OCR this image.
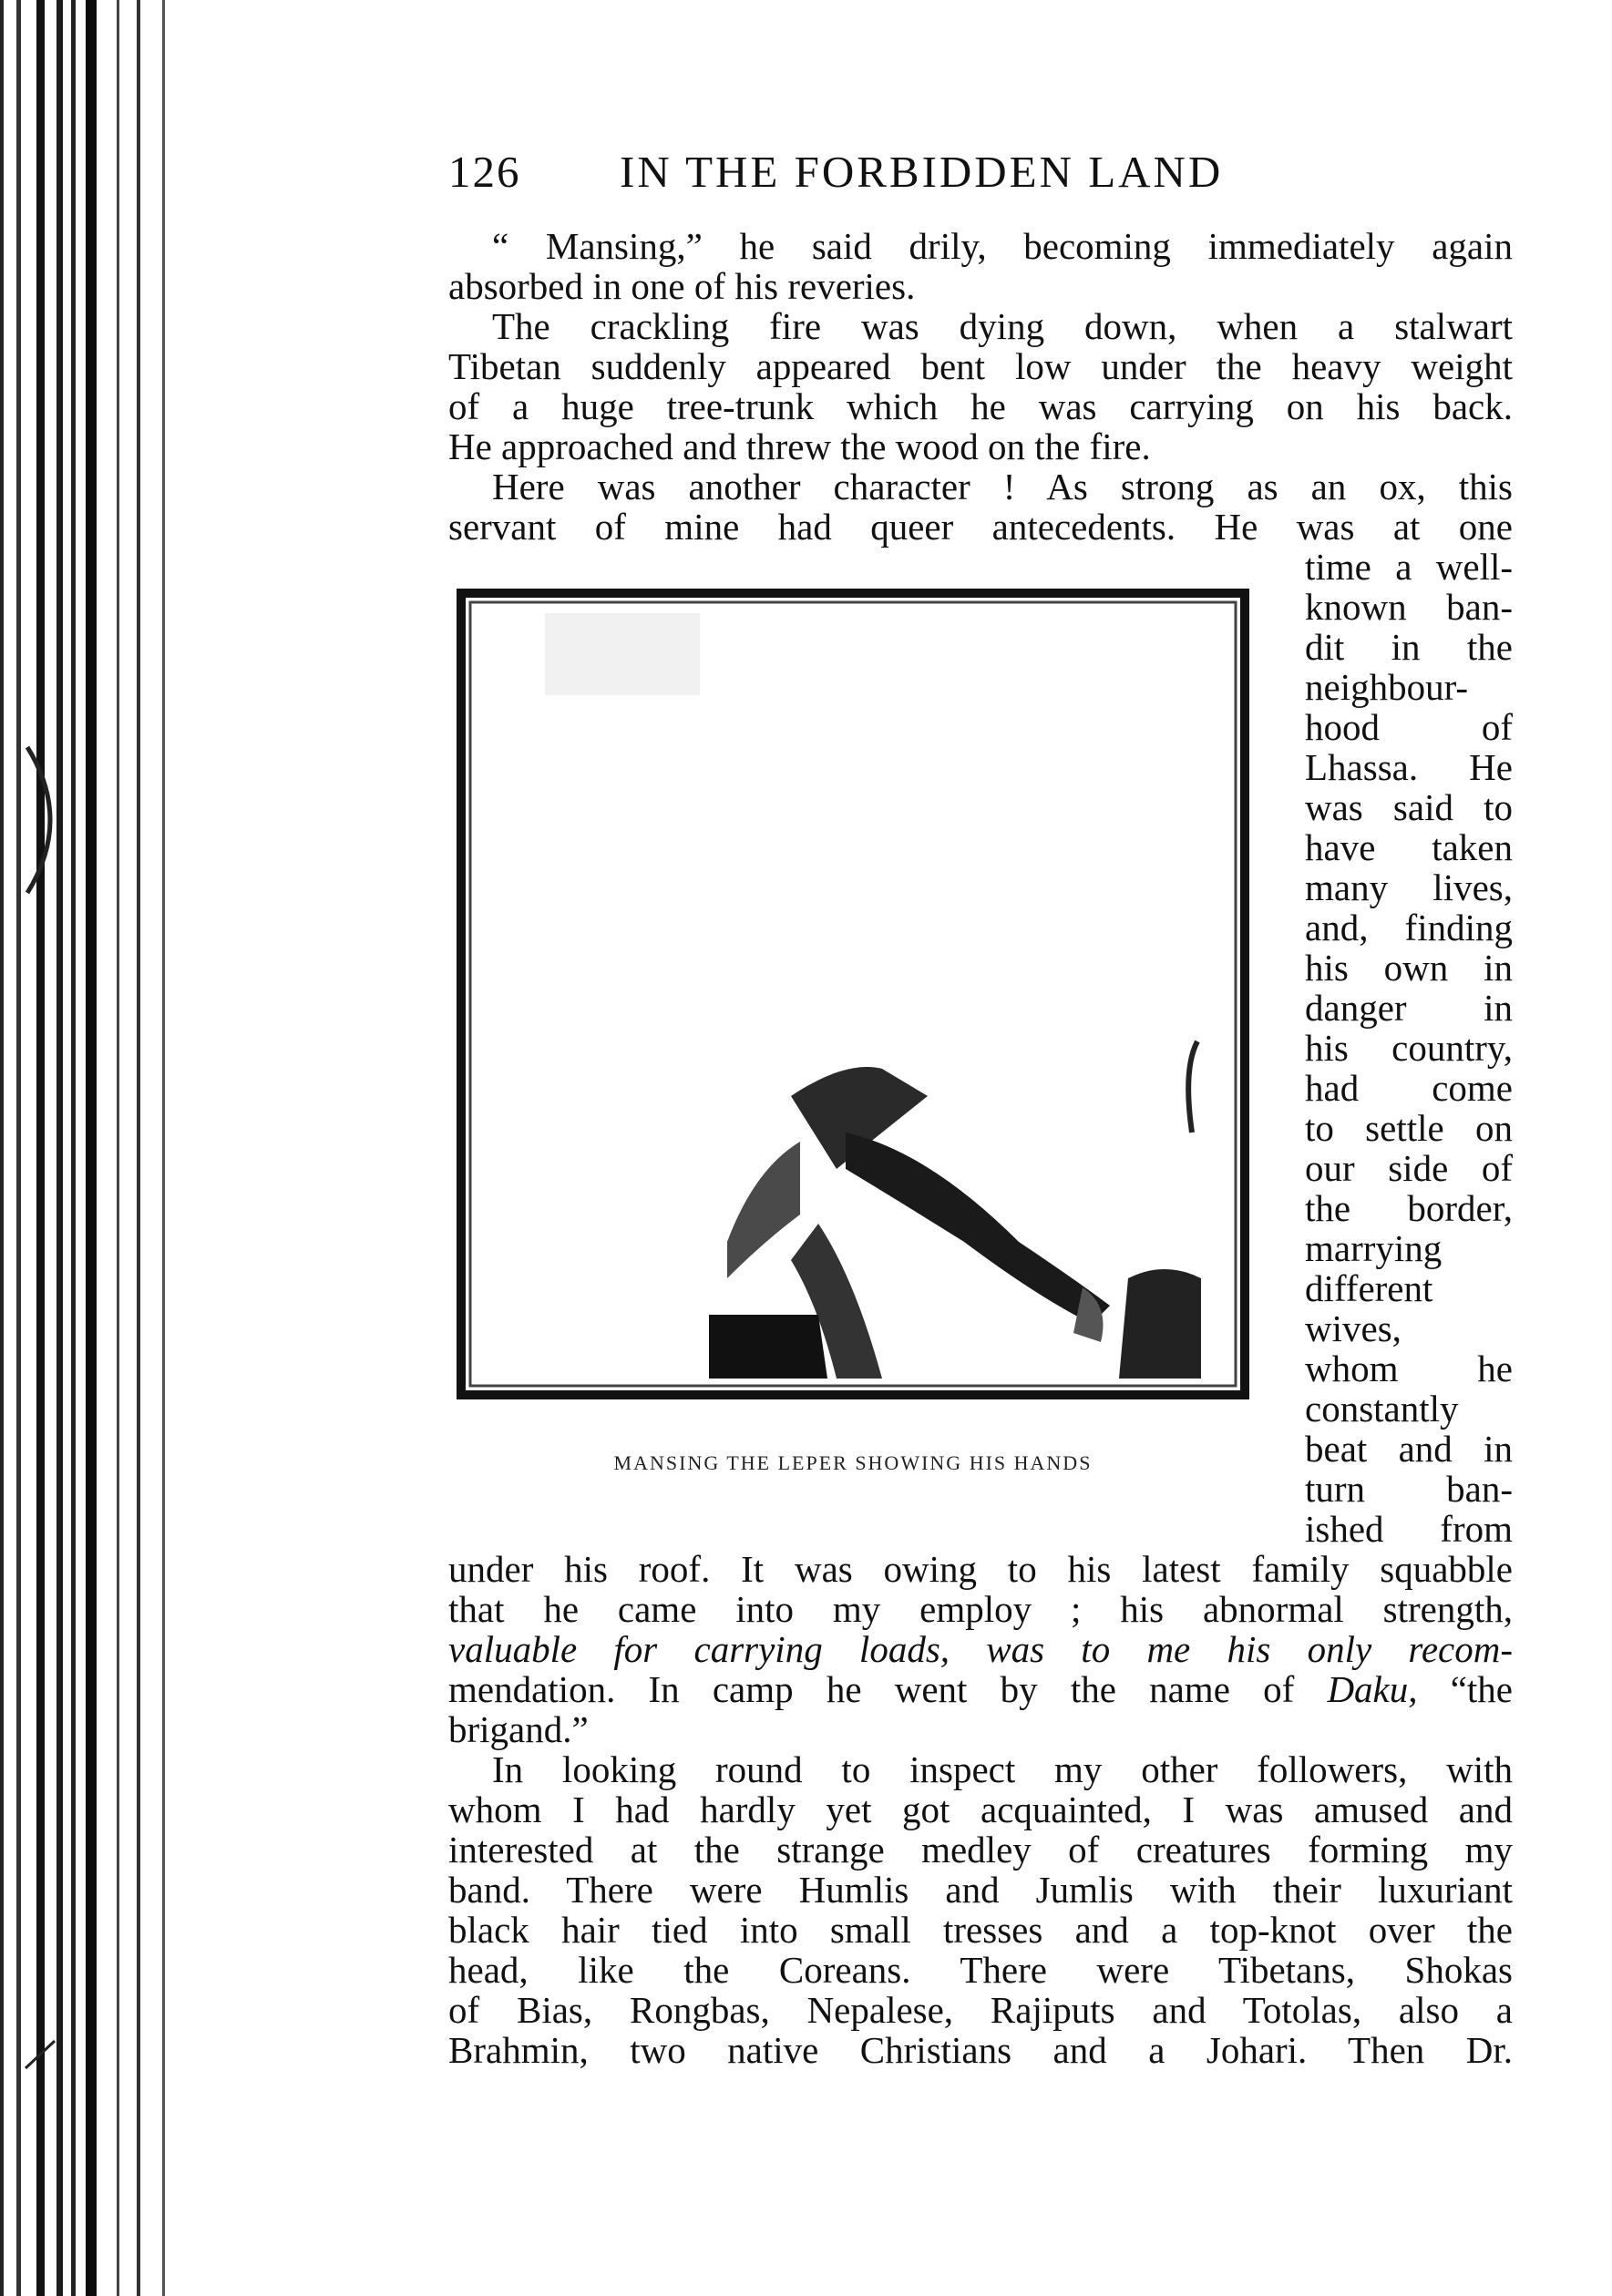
126 IN THE FORBIDDEN LAND
“ Mansing,” he said drily, becoming immediately again
absorbed in one of his reveries.
The crackling fire was dying down, when a stalwart
Tibetan suddenly appeared bent low under the heavy weight
of a huge tree-trunk which he was carrying on his back.
He approached and threw the wood on the fire.
Here was another character ! As strong as an ox, this
servant of mine had queer antecedents. He was at one
MANSING THE LEPER SHOWING HIS HANDS
time a well-
known ban-
dit in the
neighbour-
hood of
Lhassa. He
was said to
have taken
many lives,
and, finding
his own in
danger in
his country,
had come
to settle on
our side of
the border,
marrying
different
wives,
whom he
constantly
beat and in
turn ban-
ished from
under his roof. It was owing to his latest family squabble
that he came into my employ ; his abnormal strength,
valuable for carrying loads, was to me his only recom-
mendation. In camp he went by the name of Daku, “the
brigand.”
In looking round to inspect my other followers, with
whom I had hardly yet got acquainted, I was amused and
interested at the strange medley of creatures forming my
band. There were Humlis and Jumlis with their luxuriant
black hair tied into small tresses and a top-knot over the
head, like the Coreans. There were Tibetans, Shokas
of Bias, Rongbas, Nepalese, Rajiputs and Totolas, also a
Brahmin, two native Christians and a Johari. Then Dr.
